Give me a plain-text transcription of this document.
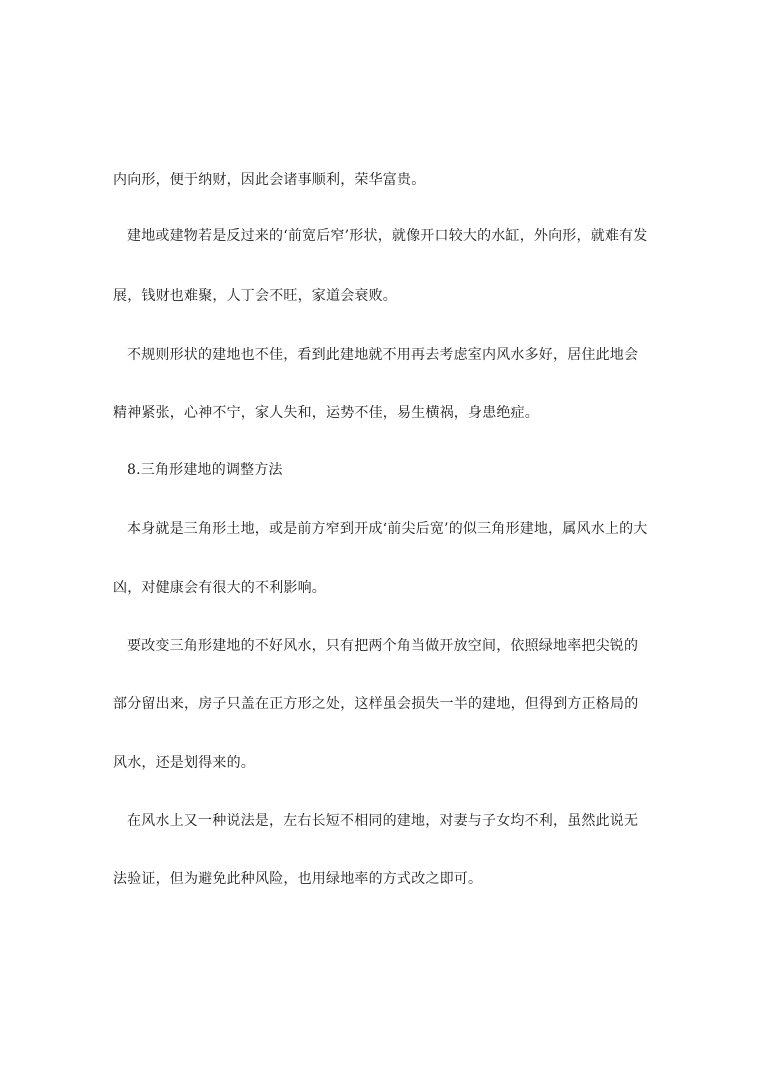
内向形，便于纳财，因此会诸事顺利，荣华富贵。
建地或建物若是反过来的‘前宽后窄’形状，就像开口较大的水缸，外向形，就难有发
展，钱财也难聚，人丁会不旺，家道会衰败。
不规则形状的建地也不佳，看到此建地就不用再去考虑室内风水多好，居住此地会
精神紧张，心神不宁，家人失和，运势不佳，易生横祸，身患绝症。
8.三角形建地的调整方法
本身就是三角形土地，或是前方窄到开成‘前尖后宽’的似三角形建地，属风水上的大
凶，对健康会有很大的不利影响。
要改变三角形建地的不好风水，只有把两个角当做开放空间，依照绿地率把尖锐的
部分留出来，房子只盖在正方形之处，这样虽会损失一半的建地，但得到方正格局的
风水，还是划得来的。
在风水上又一种说法是，左右长短不相同的建地，对妻与子女均不利，虽然此说无
法验证，但为避免此种风险，也用绿地率的方式改之即可。
